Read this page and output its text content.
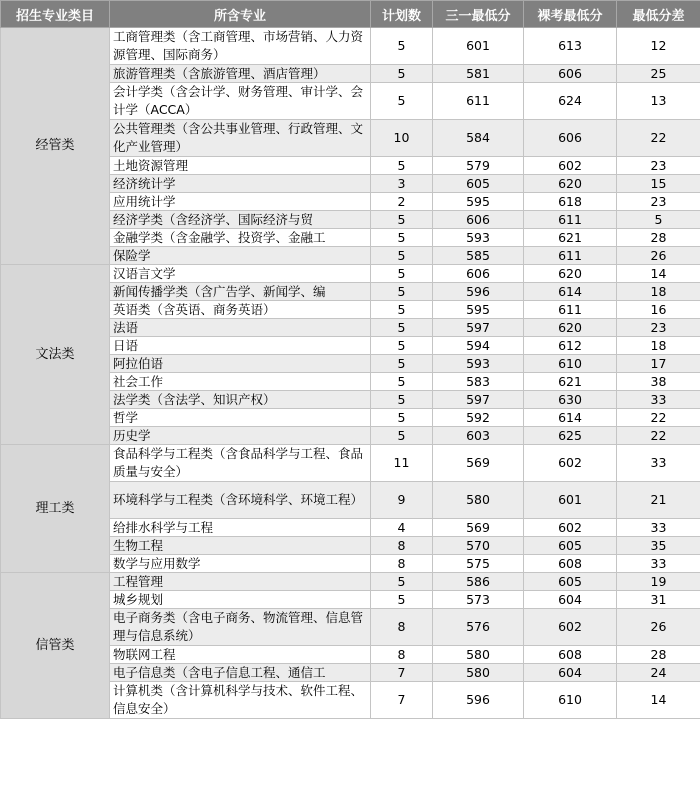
招生专业类目	所含专业	计划数	三一最低分	裸考最低分	最低分差
经管类	工商管理类（含工商管理、市场营销、人力资源管理、国际商务）	5	601	613	12
	旅游管理类（含旅游管理、酒店管理）	5	581	606	25
	会计学类（含会计学、财务管理、审计学、会计学（ACCA）	5	611	624	13
	公共管理类（含公共事业管理、行政管理、文化产业管理）	10	584	606	22
	土地资源管理	5	579	602	23
	经济统计学	3	605	620	15
	应用统计学	2	595	618	23
	经济学类（含经济学、国际经济与贸	5	606	611	5
	金融学类（含金融学、投资学、金融工	5	593	621	28
	保险学	5	585	611	26
文法类	汉语言文学	5	606	620	14
	新闻传播学类（含广告学、新闻学、编	5	596	614	18
	英语类（含英语、商务英语）	5	595	611	16
	法语	5	597	620	23
	日语	5	594	612	18
	阿拉伯语	5	593	610	17
	社会工作	5	583	621	38
	法学类（含法学、知识产权）	5	597	630	33
	哲学	5	592	614	22
	历史学	5	603	625	22
理工类	食品科学与工程类（含食品科学与工程、食品质量与安全）	11	569	602	33
	环境科学与工程类（含环境科学、环境工程）	9	580	601	21
	给排水科学与工程	4	569	602	33
	生物工程	8	570	605	35
	数学与应用数学	8	575	608	33
信管类	工程管理	5	586	605	19
	城乡规划	5	573	604	31
	电子商务类（含电子商务、物流管理、信息管理与信息系统）	8	576	602	26
	物联网工程	8	580	608	28
	电子信息类（含电子信息工程、通信工	7	580	604	24
	计算机类（含计算机科学与技术、软件工程、信息安全）	7	596	610	14
